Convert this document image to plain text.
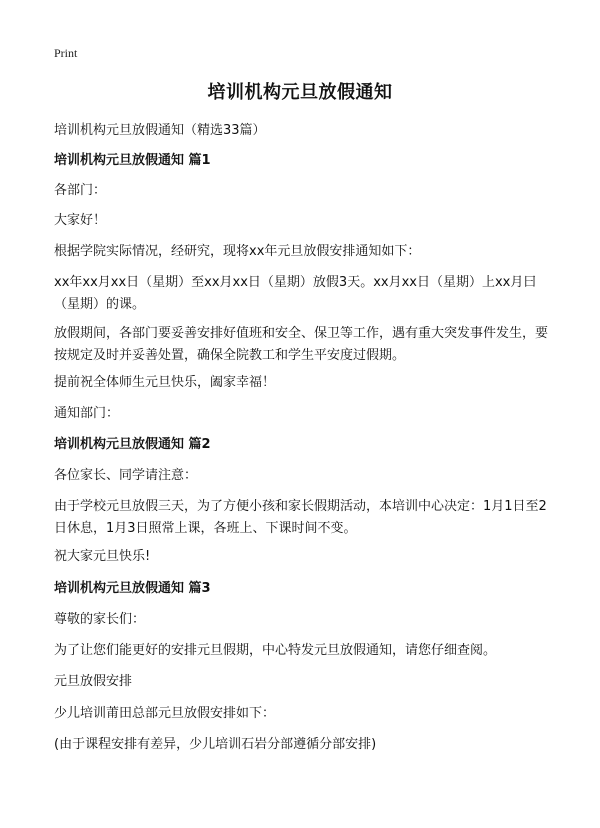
Print
培训机构元旦放假通知
培训机构元旦放假通知（精选33篇）
培训机构元旦放假通知 篇1
各部门：
大家好！
根据学院实际情况，经研究，现将xx年元旦放假安排通知如下：
xx年xx月xx日（星期）至xx月xx日（星期）放假3天。xx月xx日（星期）上xx月曰（星期）的课。
放假期间，各部门要妥善安排好值班和安全、保卫等工作，遇有重大突发事件发生，要按规定及时并妥善处置，确保全院教工和学生平安度过假期。
提前祝全体师生元旦快乐，阖家幸福！
通知部门：
培训机构元旦放假通知 篇2
各位家长、同学请注意：
由于学校元旦放假三天，为了方便小孩和家长假期活动，本培训中心决定：1月1日至2日休息，1月3日照常上课，各班上、下课时间不变。
祝大家元旦快乐!
培训机构元旦放假通知 篇3
尊敬的家长们：
为了让您们能更好的安排元旦假期，中心特发元旦放假通知，请您仔细查阅。
元旦放假安排
少儿培训莆田总部元旦放假安排如下：
(由于课程安排有差异，少儿培训石岩分部遵循分部安排)
